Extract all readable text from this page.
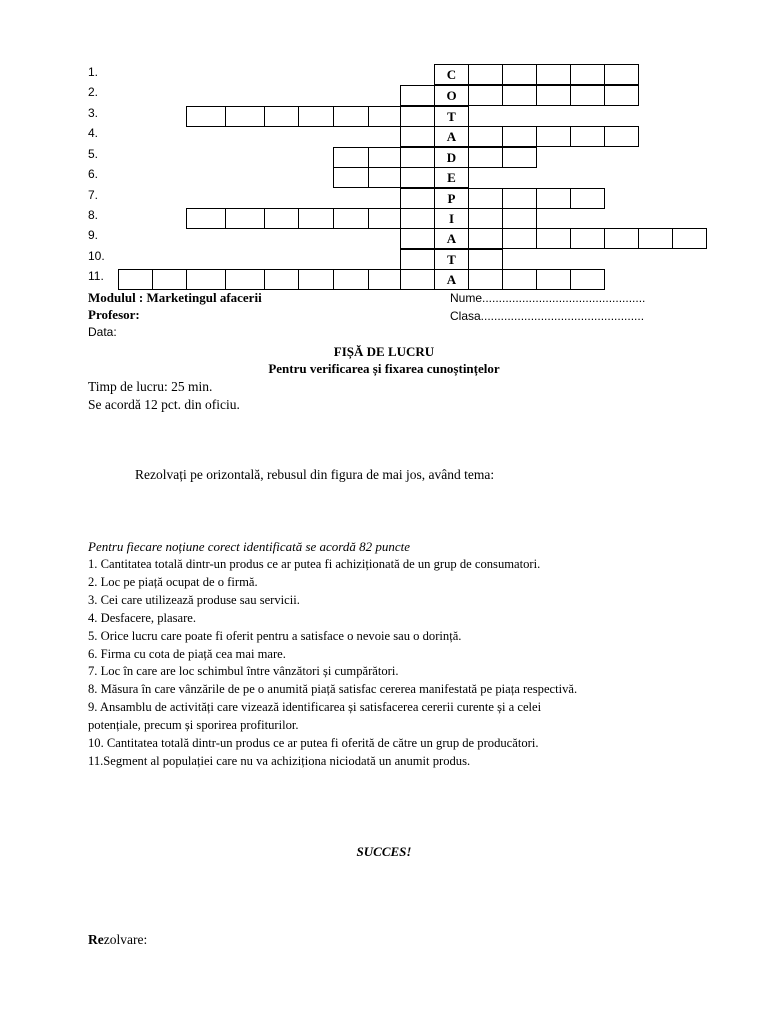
1.
2.
3.
4.
5.
6.
7.
8.
9.
10.
11.
C
O
T
A
D
E
P
I
A
T
A
Modulul : Marketingul afacerii
Profesor:
Data:
Nume.................................................
Clasa.................................................
FIȘĂ DE LUCRU
Pentru verificarea și fixarea cunoștințelor
Timp de lucru: 25 min.
Se acordă 12 pct. din oficiu.
Rezolvați pe orizontală, rebusul din figura de mai jos, având tema:
Pentru fiecare noțiune corect identificată se acordă 82 puncte
1. Cantitatea totală dintr-un produs ce ar putea fi achiziționată de un grup de consumatori.
2. Loc pe piață ocupat de o firmă.
3. Cei care utilizează produse sau servicii.
4. Desfacere, plasare.
5. Orice lucru care poate fi oferit pentru a satisface o nevoie sau o dorință.
6. Firma cu cota de piață cea mai mare.
7. Loc în care are loc schimbul între vânzători și cumpărători.
8. Măsura în care vânzările de pe o anumită piață satisfac cererea manifestată pe piața respectivă.
9. Ansamblu de activități care vizează identificarea și satisfacerea cererii curente și a celei
potențiale, precum și sporirea profiturilor.
10. Cantitatea totală dintr-un produs ce ar putea fi oferită de către un grup de producători.
11.Segment al populației care nu va achiziționa niciodată un anumit produs.
SUCCES!
Rezolvare:
